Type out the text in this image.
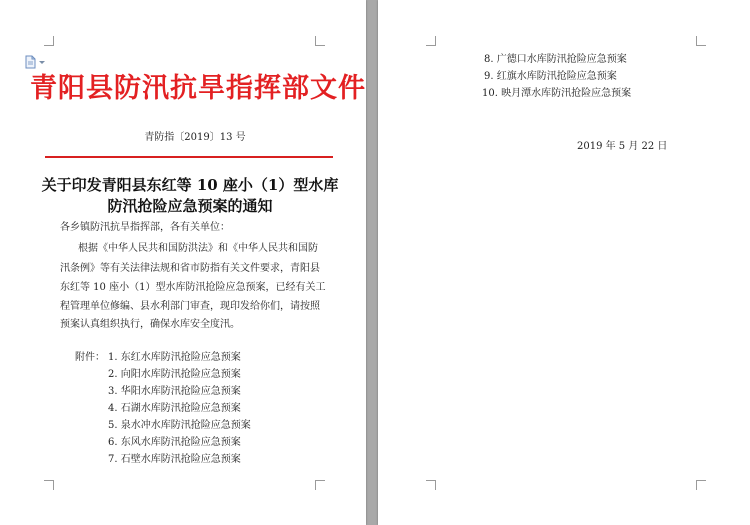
青阳县防汛抗旱指挥部文件
青防指〔2019〕13 号
关于印发青阳县东红等 10 座小（1）型水库
防汛抢险应急预案的通知
各乡镇防汛抗旱指挥部，各有关单位：
根据《中华人民共和国防洪法》和《中华人民共和国防
汛条例》等有关法律法规和省市防指有关文件要求，青阳县
东红等 10 座小（1）型水库防汛抢险应急预案，已经有关工
程管理单位修编、县水利部门审查，现印发给你们，请按照
预案认真组织执行，确保水库安全度汛。
附件： 1. 东红水库防汛抢险应急预案
2. 向阳水库防汛抢险应急预案
3. 华阳水库防汛抢险应急预案
4. 石湖水库防汛抢险应急预案
5. 泉水冲水库防汛抢险应急预案
6. 东风水库防汛抢险应急预案
7. 石壁水库防汛抢险应急预案
8. 广德口水库防汛抢险应急预案
9. 红旗水库防汛抢险应急预案
10. 映月潭水库防汛抢险应急预案
2019 年 5 月 22 日
